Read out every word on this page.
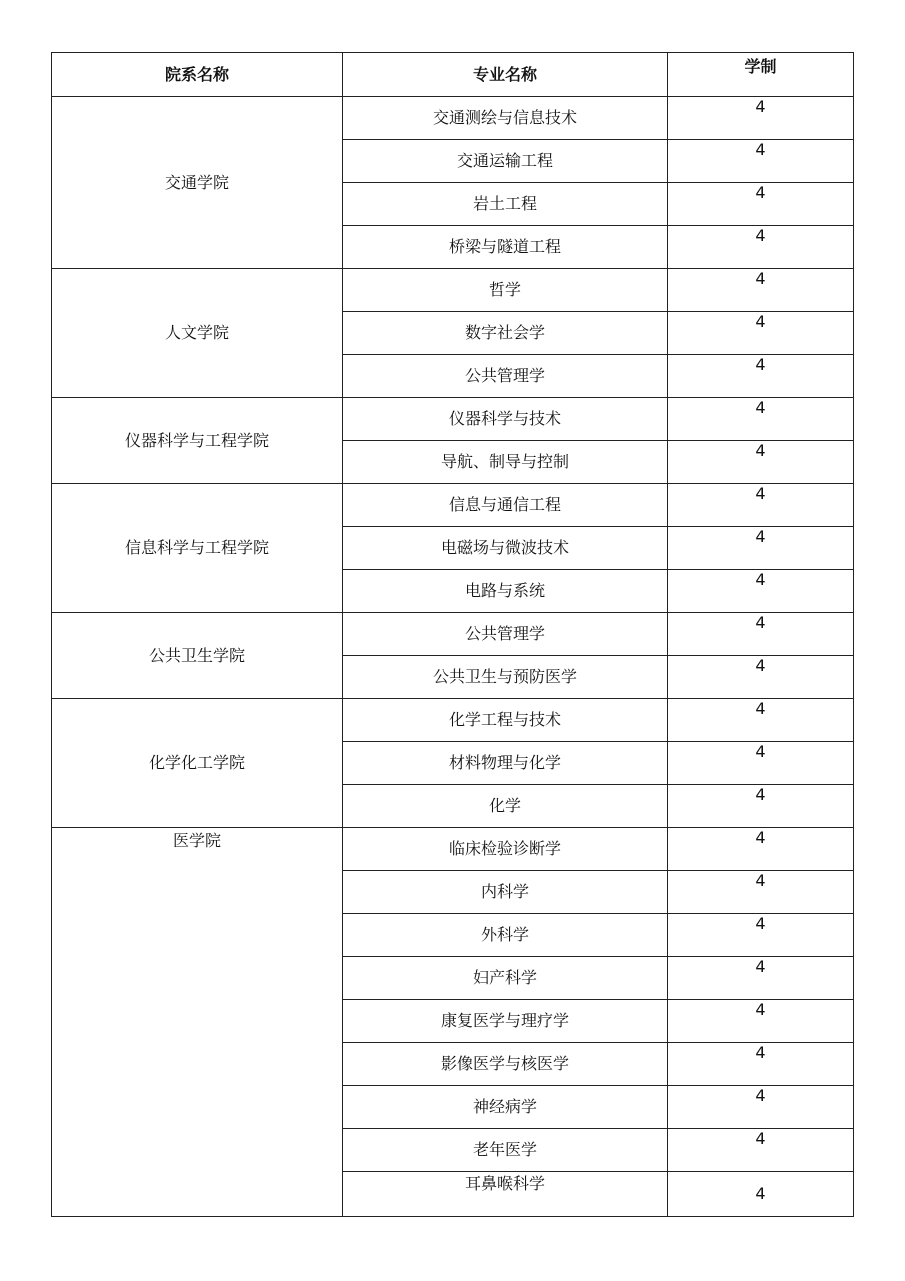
院系名称	专业名称	学制
交通学院	交通测绘与信息技术	4
	交通运输工程	4
	岩土工程	4
	桥梁与隧道工程	4
人文学院	哲学	4
	数字社会学	4
	公共管理学	4
仪器科学与工程学院	仪器科学与技术	4
	导航、制导与控制	4
信息科学与工程学院	信息与通信工程	4
	电磁场与微波技术	4
	电路与系统	4
公共卫生学院	公共管理学	4
	公共卫生与预防医学	4
化学化工学院	化学工程与技术	4
	材料物理与化学	4
	化学	4
医学院	临床检验诊断学	4
	内科学	4
	外科学	4
	妇产科学	4
	康复医学与理疗学	4
	影像医学与核医学	4
	神经病学	4
	老年医学	4
	耳鼻喉科学	4
